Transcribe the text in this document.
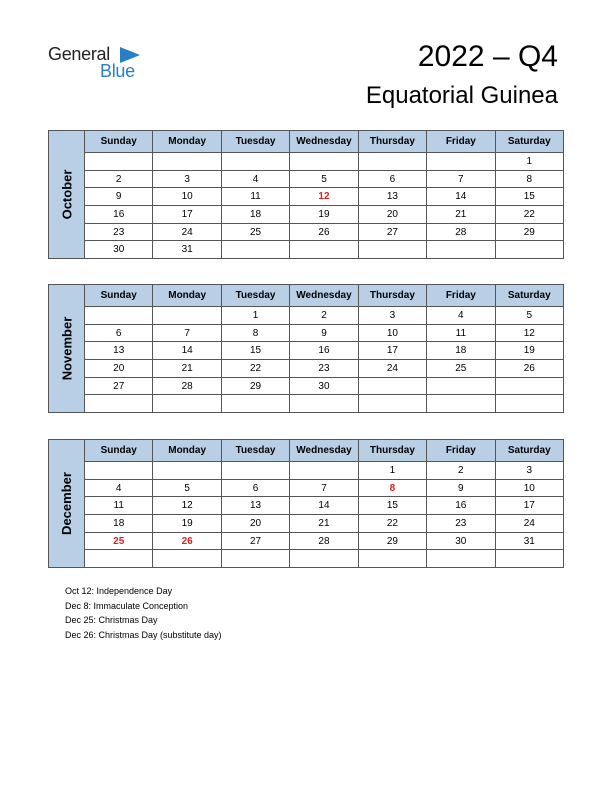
General
Blue	2022 – Q4
Equatorial Guinea
October
Sunday	Monday	Tuesday	Wednesday	Thursday	Friday	Saturday
						1
2	3	4	5	6	7	8
9	10	11	12	13	14	15
16	17	18	19	20	21	22
23	24	25	26	27	28	29
30	31					
November
Sunday	Monday	Tuesday	Wednesday	Thursday	Friday	Saturday
		1	2	3	4	5
6	7	8	9	10	11	12
13	14	15	16	17	18	19
20	21	22	23	24	25	26
27	28	29	30			

December
Sunday	Monday	Tuesday	Wednesday	Thursday	Friday	Saturday
				1	2	3
4	5	6	7	8	9	10
11	12	13	14	15	16	17
18	19	20	21	22	23	24
25	26	27	28	29	30	31

Oct 12: Independence Day
Dec 8: Immaculate Conception
Dec 25: Christmas Day
Dec 26: Christmas Day (substitute day)
